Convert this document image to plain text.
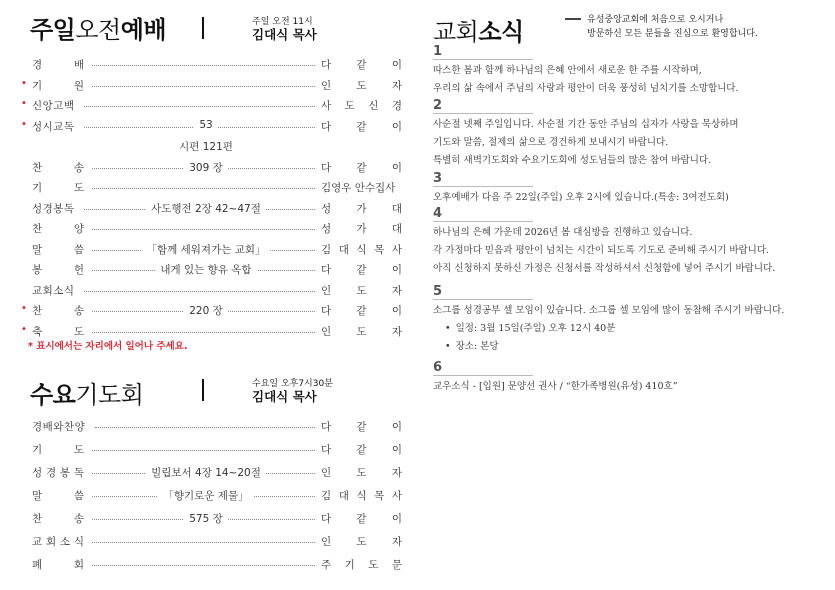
주일오전예배	주일 오전 11시
김대식 목사
경	배	다 같 이
• 기	원	인 도 자
• 신앙고백	사 도 신 경
• 성시교독	53	다 같 이
시편 121편
찬	송	309 장	다 같 이
기	도	김영우 안수집사
성경봉독	사도행전 2장 42~47절	성 가 대
찬	양	성 가 대
말	씀	「함께 세워져가는 교회」	김 대 식 목 사
봉	헌	내게 있는 향유 옥합	다 같 이
교회소식	인 도 자
• 찬	송	220 장	다 같 이
• 축	도	인 도 자
* 표시에서는 자리에서 일어나 주세요.
수요기도회	수요일 오후7시30분
김대식 목사
경배와찬양	다 같 이
기	도	다 같 이
성 경 봉 독	빌립보서 4장 14~20절	인 도 자
말	씀	「향기로운 제물」	김 대 식 목 사
찬	송	575 장	다 같 이
교 회 소 식	인 도 자
폐	회	주 기 도 문
교회소식	유성중앙교회에 처음으로 오시거나
방문하신 모든 분들을 진심으로 환영합니다.
1
따스한 봄과 함께 하나님의 은혜 안에서 새로운 한 주를 시작하며,
우리의 삶 속에서 주님의 사랑과 평안이 더욱 풍성히 넘치기를 소망합니다.
2
사순절 넷째 주일입니다. 사순절 기간 동안 주님의 십자가 사랑을 묵상하며
기도와 말씀, 절제의 삶으로 경건하게 보내시기 바랍니다.
특별히 새벽기도회와 수요기도회에 성도님들의 많은 참여 바랍니다.
3
오후예배가 다음 주 22일(주일) 오후 2시에 있습니다.(특송: 3여전도회)
4
하나님의 은혜 가운데 2026년 봄 대심방을 진행하고 있습니다.
각 가정마다 믿음과 평안이 넘치는 시간이 되도록 기도로 준비해 주시기 바랍니다.
아직 신청하지 못하신 가정은 신청서를 작성하셔서 신청함에 넣어 주시기 바랍니다.
5
소그룹 성경공부 셀 모임이 있습니다. 소그룹 셀 모임에 많이 동참해 주시기 바랍니다.
• 일정: 3월 15일(주일) 오후 12시 40분
• 장소: 본당
6
교우소식 - [입원] 문양선 권사 / “한가족병원(유성) 410호”
